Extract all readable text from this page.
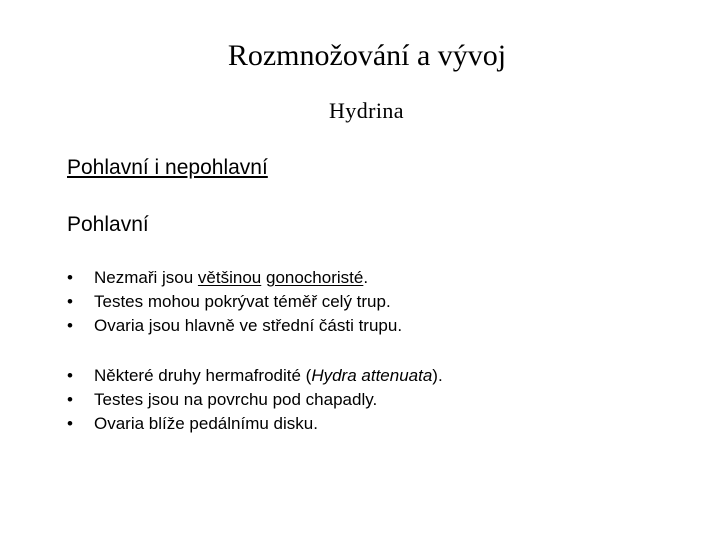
Rozmnožování a vývoj
Hydrina
Pohlavní i nepohlavní
Pohlavní
•	Nezmaři jsou většinou gonochoristé.
•	Testes mohou pokrývat téměř celý trup.
•	Ovaria jsou hlavně ve střední části trupu.
•	Některé druhy hermafrodité (Hydra attenuata).
•	Testes jsou na povrchu pod chapadly.
•	Ovaria blíže pedálnímu disku.
